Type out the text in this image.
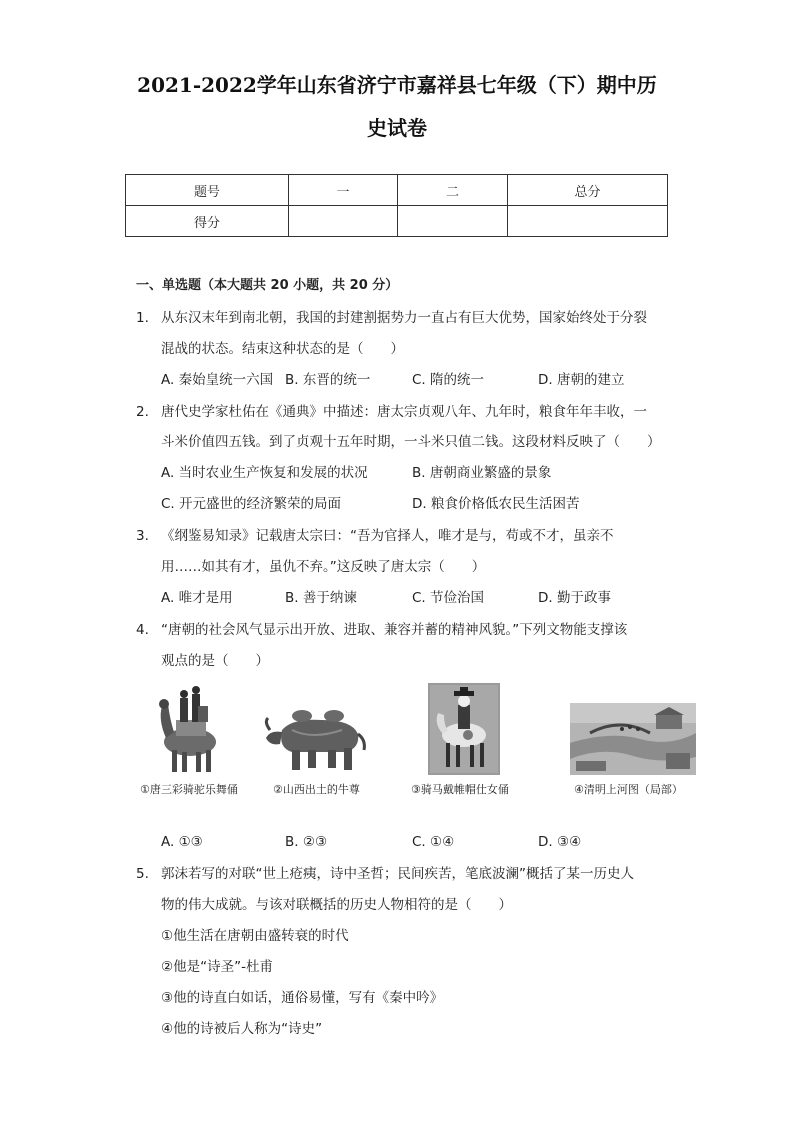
2021-2022学年山东省济宁市嘉祥县七年级（下）期中历
史试卷
题号	一	二	总分
得分			
一、单选题（本大题共 20 小题，共 20 分）
1. 从东汉末年到南北朝，我国的封建割据势力一直占有巨大优势，国家始终处于分裂
混战的状态。结束这种状态的是（　　）
A. 秦始皇统一六国 B. 东晋的统一	C. 隋的统一	D. 唐朝的建立
2. 唐代史学家杜佑在《通典》中描述：唐太宗贞观八年、九年时，粮食年年丰收，一
斗米价值四五钱。到了贞观十五年时期，一斗米只值二钱。这段材料反映了（　　）
A. 当时农业生产恢复和发展的状况	B. 唐朝商业繁盛的景象
C. 开元盛世的经济繁荣的局面	D. 粮食价格低农民生活困苦
3. 《纲鉴易知录》记载唐太宗曰：“吾为官择人，唯才是与，苟或不才，虽亲不
用……如其有才，虽仇不弃。”这反映了唐太宗（　　）
A. 唯才是用	B. 善于纳谏	C. 节俭治国	D. 勤于政事
4. “唐朝的社会风气显示出开放、进取、兼容并蓄的精神风貌。”下列文物能支撑该
观点的是（　　）
①唐三彩骑驼乐舞俑	②山西出土的牛尊	③骑马戴帷帽仕女俑	④清明上河图（局部）
A. ①③	B. ②③	C. ①④	D. ③④
5. 郭沫若写的对联“世上疮痍，诗中圣哲；民间疾苦，笔底波澜”概括了某一历史人
物的伟大成就。与该对联概括的历史人物相符的是（　　）
①他生活在唐朝由盛转衰的时代
②他是“诗圣”-杜甫
③他的诗直白如话，通俗易懂，写有《秦中吟》
④他的诗被后人称为“诗史”
